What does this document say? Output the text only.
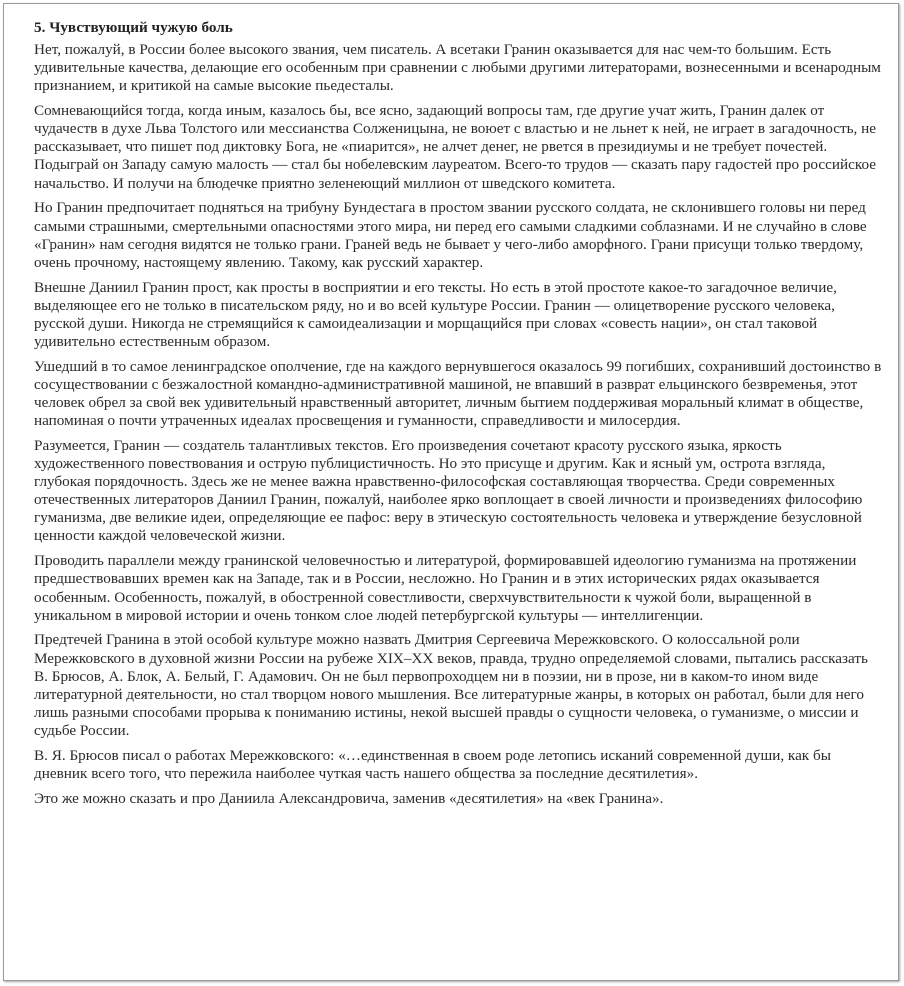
5. Чувствующий чужую боль

Нет, пожалуй, в России более высокого звания, чем писатель. А всетаки Гранин оказывается для нас чем-то большим. Есть удивительные качества, делающие его особенным при сравнении с любыми другими литераторами, вознесенными и всенародным признанием, и критикой на самые высокие пьедесталы.

Сомневающийся тогда, когда иным, казалось бы, все ясно, задающий вопросы там, где другие учат жить, Гранин далек от чудачеств в духе Льва Толстого или мессианства Солженицына, не воюет с властью и не льнет к ней, не играет в загадочность, не рассказывает, что пишет под диктовку Бога, не «пиарится», не алчет денег, не рвется в президиумы и не требует почестей. Подыграй он Западу самую малость — стал бы нобелевским лауреатом. Всего-то трудов — сказать пару гадостей про российское начальство. И получи на блюдечке приятно зеленеющий миллион от шведского комитета.

Но Гранин предпочитает подняться на трибуну Бундестага в простом звании русского солдата, не склонившего головы ни перед самыми страшными, смертельными опасностями этого мира, ни перед его самыми сладкими соблазнами. И не случайно в слове «Гранин» нам сегодня видятся не только грани. Граней ведь не бывает у чего-либо аморфного. Грани присущи только твердому, очень прочному, настоящему явлению. Такому, как русский характер.

Внешне Даниил Гранин прост, как просты в восприятии и его тексты. Но есть в этой простоте какое-то загадочное величие, выделяющее его не только в писательском ряду, но и во всей культуре России. Гранин — олицетворение русского человека, русской души. Никогда не стремящийся к самоидеализации и морщащийся при словах «совесть нации», он стал таковой удивительно естественным образом.

Ушедший в то самое ленинградское ополчение, где на каждого вернувшегося оказалось 99 погибших, сохранивший достоинство в сосуществовании с безжалостной командно-административной машиной, не впавший в разврат ельцинского безвременья, этот человек обрел за свой век удивительный нравственный авторитет, личным бытием поддерживая моральный климат в обществе, напоминая о почти утраченных идеалах просвещения и гуманности, справедливости и милосердия.

Разумеется, Гранин — создатель талантливых текстов. Его произведения сочетают красоту русского языка, яркость художественного повествования и острую публицистичность. Но это присуще и другим. Как и ясный ум, острота взгляда, глубокая порядочность. Здесь же не менее важна нравственно-философская составляющая творчества. Среди современных отечественных литераторов Даниил Гранин, пожалуй, наиболее ярко воплощает в своей личности и произведениях философию гуманизма, две великие идеи, определяющие ее пафос: веру в этическую состоятельность человека и утверждение безусловной ценности каждой человеческой жизни.

Проводить параллели между гранинской человечностью и литературой, формировавшей идеологию гуманизма на протяжении предшествовавших времен как на Западе, так и в России, несложно. Но Гранин и в этих исторических рядах оказывается особенным. Особенность, пожалуй, в обостренной совестливости, сверхчувствительности к чужой боли, выращенной в уникальном в мировой истории и очень тонком слое людей петербургской культуры — интеллигенции.

Предтечей Гранина в этой особой культуре можно назвать Дмитрия Сергеевича Мережковского. О колоссальной роли Мережковского в духовной жизни России на рубеже XIX–XX веков, правда, трудно определяемой словами, пытались рассказать В. Брюсов, А. Блок, А. Белый, Г. Адамович. Он не был первопроходцем ни в поэзии, ни в прозе, ни в каком-то ином виде литературной деятельности, но стал творцом нового мышления. Все литературные жанры, в которых он работал, были для него лишь разными способами прорыва к пониманию истины, некой высшей правды о сущности человека, о гуманизме, о миссии и судьбе России.

В. Я. Брюсов писал о работах Мережковского: «…единственная в своем роде летопись исканий современной души, как бы дневник всего того, что пережила наиболее чуткая часть нашего общества за последние десятилетия».

Это же можно сказать и про Даниила Александровича, заменив «десятилетия» на «век Гранина».
